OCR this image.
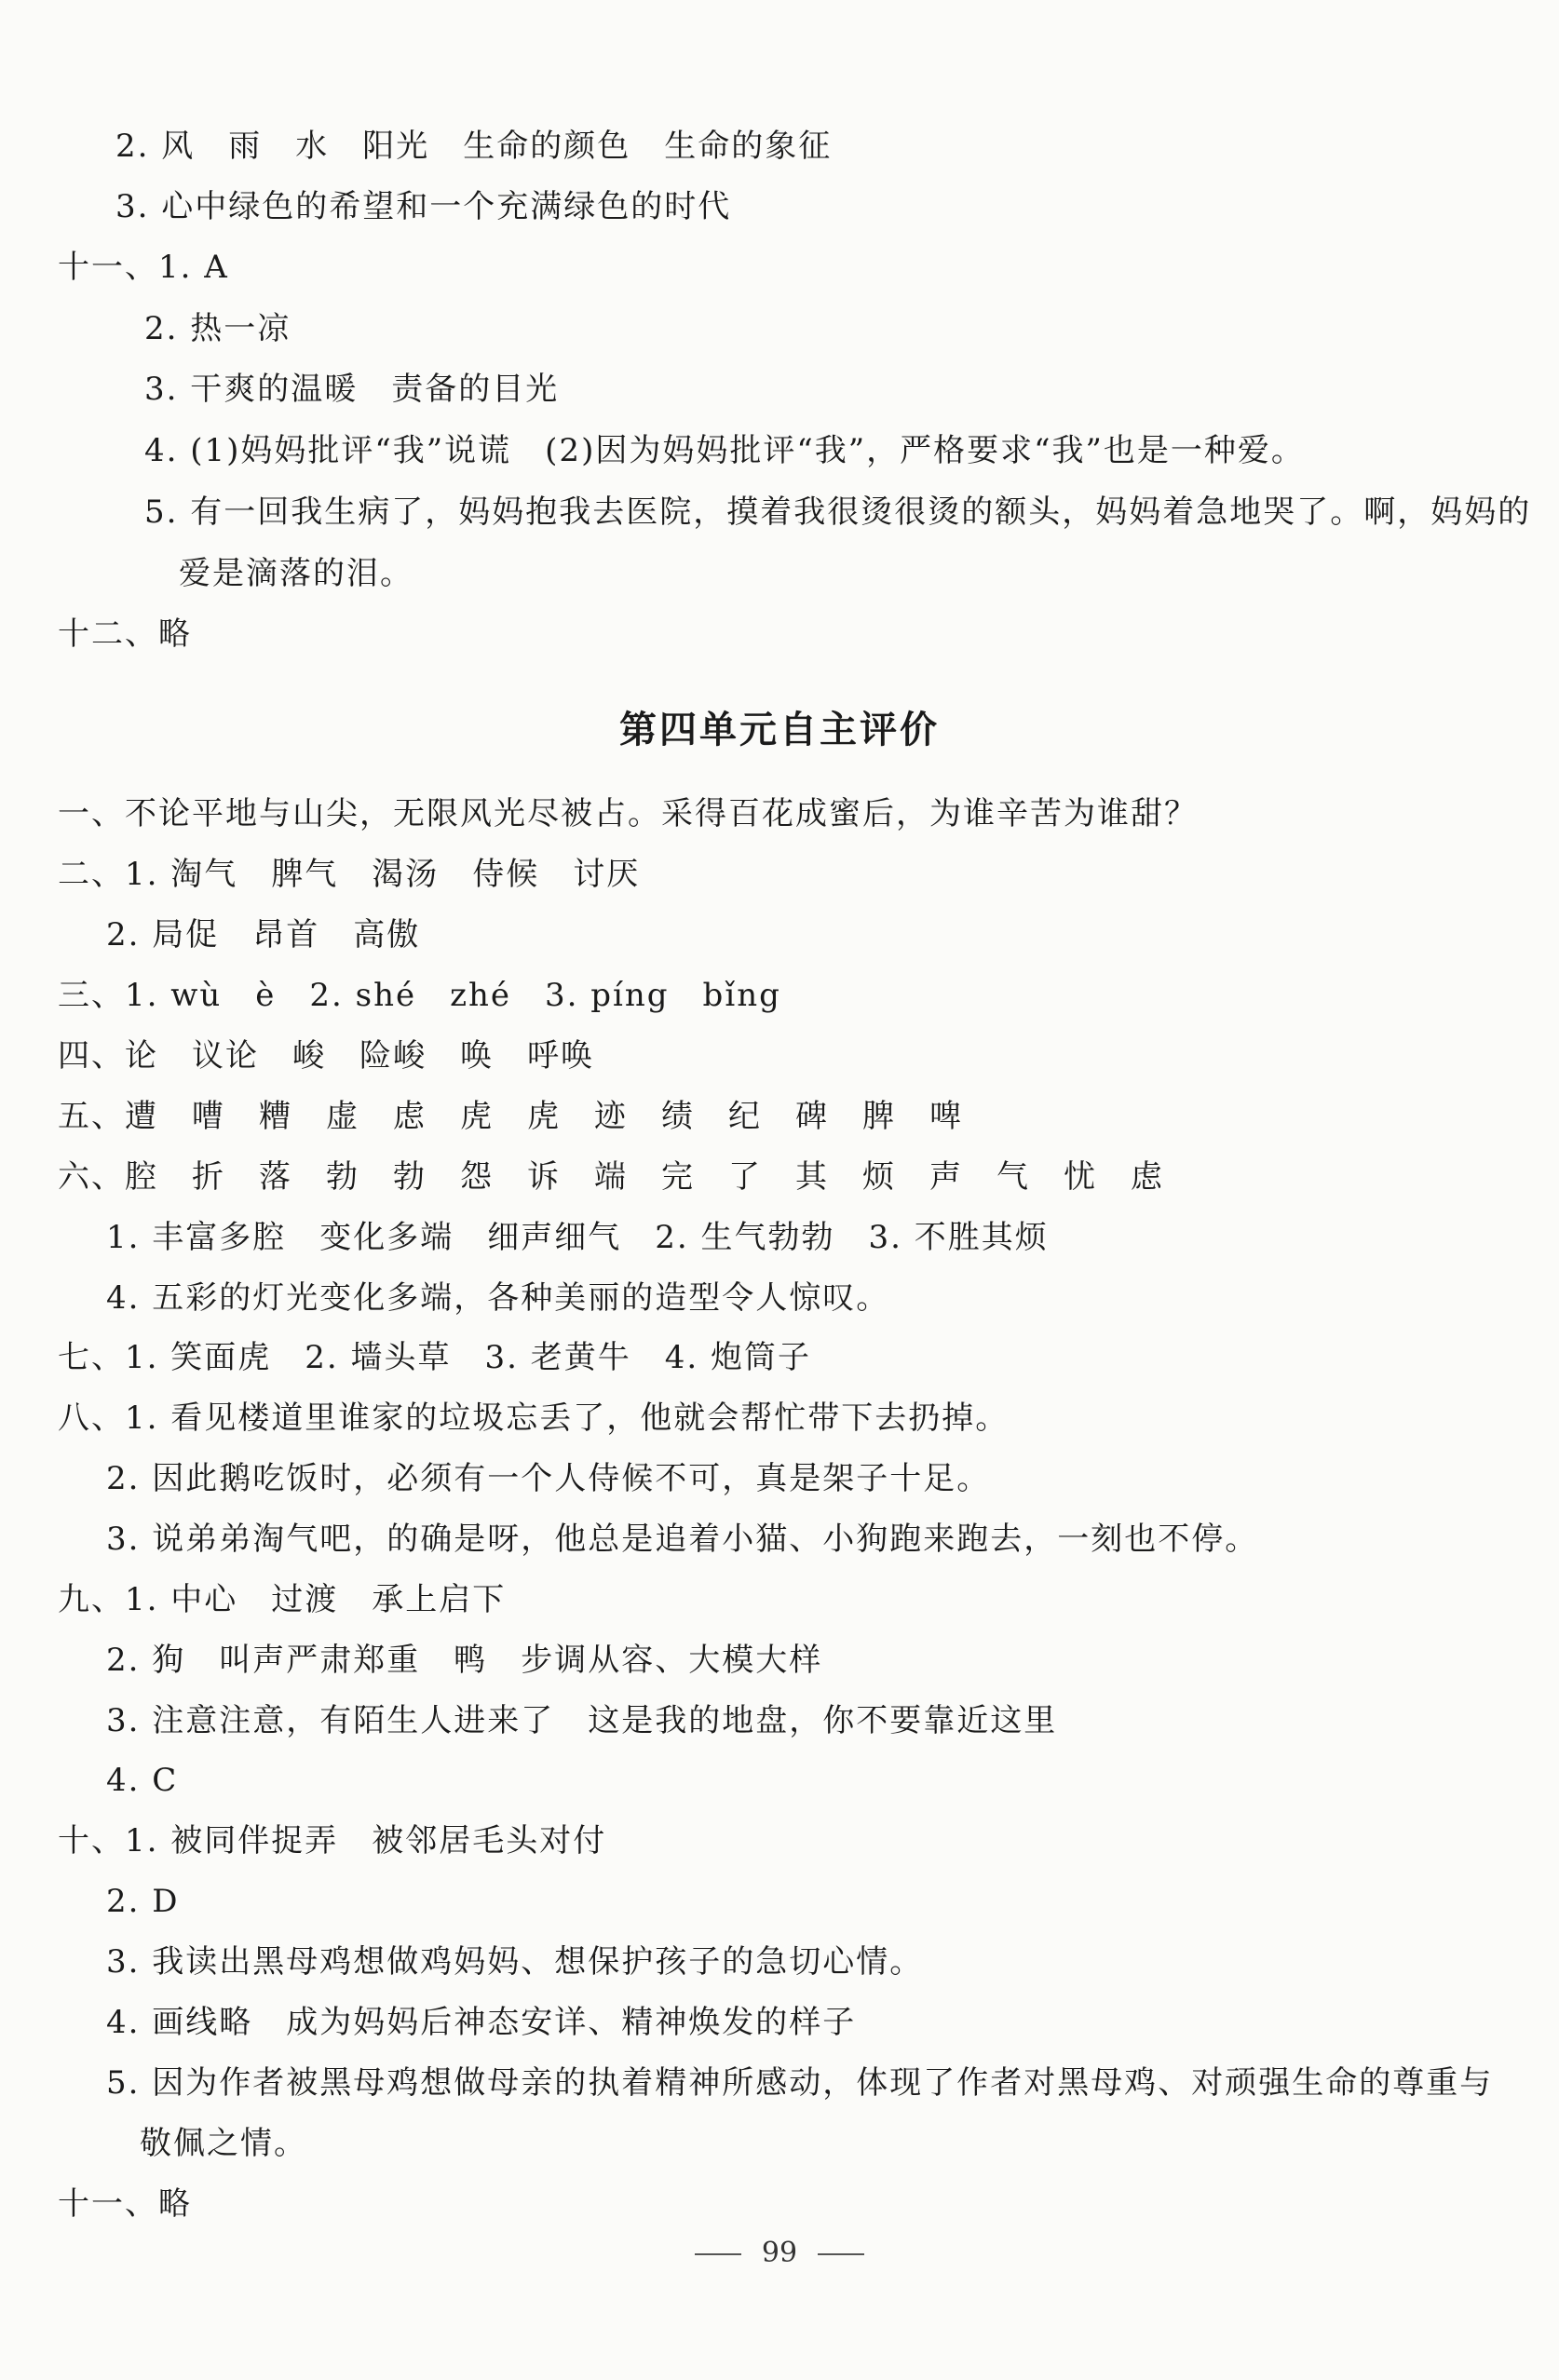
2. 风　雨　水　阳光　生命的颜色　生命的象征
3. 心中绿色的希望和一个充满绿色的时代
十一、1. A
2. 热一凉
3. 干爽的温暖　责备的目光
4. (1)妈妈批评“我”说谎　(2)因为妈妈批评“我”，严格要求“我”也是一种爱。
5. 有一回我生病了，妈妈抱我去医院，摸着我很烫很烫的额头，妈妈着急地哭了。啊，妈妈的
爱是滴落的泪。
十二、略
第四单元自主评价
一、不论平地与山尖，无限风光尽被占。采得百花成蜜后，为谁辛苦为谁甜？
二、1. 淘气　脾气　渴汤　侍候　讨厌
2. 局促　昂首　高傲
三、1. wù　è　2. shé　zhé　3. píng　bǐng
四、论　议论　峻　险峻　唤　呼唤
五、遭　嘈　糟　虚　虑　虎　虎　迹　绩　纪　碑　脾　啤
六、腔　折　落　勃　勃　怨　诉　端　完　了　其　烦　声　气　忧　虑
1. 丰富多腔　变化多端　细声细气　2. 生气勃勃　3. 不胜其烦
4. 五彩的灯光变化多端，各种美丽的造型令人惊叹。
七、1. 笑面虎　2. 墙头草　3. 老黄牛　4. 炮筒子
八、1. 看见楼道里谁家的垃圾忘丢了，他就会帮忙带下去扔掉。
2. 因此鹅吃饭时，必须有一个人侍候不可，真是架子十足。
3. 说弟弟淘气吧，的确是呀，他总是追着小猫、小狗跑来跑去，一刻也不停。
九、1. 中心　过渡　承上启下
2. 狗　叫声严肃郑重　鸭　步调从容、大模大样
3. 注意注意，有陌生人进来了　这是我的地盘，你不要靠近这里
4. C
十、1. 被同伴捉弄　被邻居毛头对付
2. D
3. 我读出黑母鸡想做鸡妈妈、想保护孩子的急切心情。
4. 画线略　成为妈妈后神态安详、精神焕发的样子
5. 因为作者被黑母鸡想做母亲的执着精神所感动，体现了作者对黑母鸡、对顽强生命的尊重与
敬佩之情。
十一、略
99
